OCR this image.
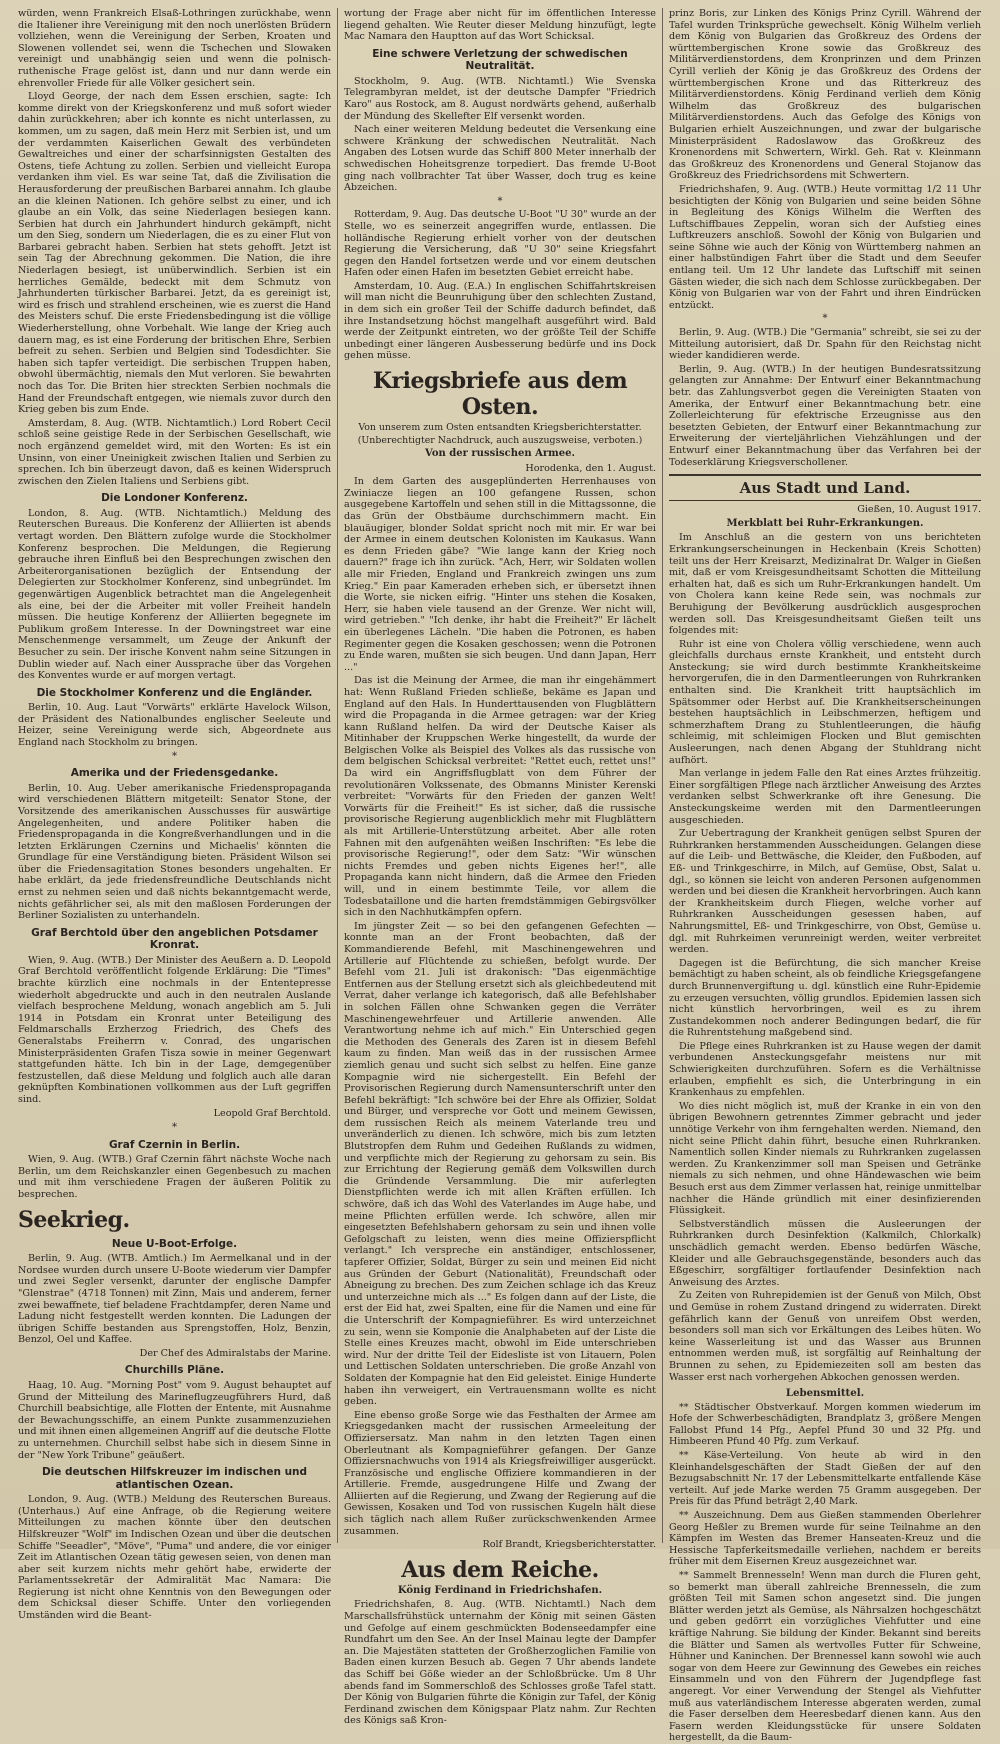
würden, wenn Frankreich Elsaß-Lothringen zurückhabe, wenn die Italiener ihre Vereinigung mit den noch unerlösten Brüdern vollziehen, wenn die Vereinigung der Serben, Kroaten und Slowenen vollendet sei, wenn die Tschechen und Slowaken vereinigt und unabhängig seien und wenn die polnisch-ruthenische Frage gelöst ist, dann und nur dann werde ein ehrenvoller Friede für alle Völker gesichert sein.

Lloyd George, der nach dem Essen erschien, sagte: Ich komme direkt von der Kriegskonferenz und muß sofort wieder dahin zurückkehren; aber ich konnte es nicht unterlassen, zu kommen, um zu sagen, daß mein Herz mit Serbien ist, und um der verdammten Kaiserlichen Gewalt des verbündeten Gewaltreiches und einer der scharfsinnigsten Gestalten des Ostens, tiefe Achtung zu zollen. Serbien und vielleicht Europa verdanken ihm viel. Es war seine Tat, daß die Zivilisation die Herausforderung der preußischen Barbarei annahm. Ich glaube an die kleinen Nationen. Ich gehöre selbst zu einer, und ich glaube an ein Volk, das seine Niederlagen besiegen kann. Serbien hat durch ein Jahrhundert hindurch gekämpft, nicht um den Sieg, sondern um Niederlagen, die es zu einer Flut von Barbarei gebracht haben. Serbien hat stets gehofft. Jetzt ist sein Tag der Abrechnung gekommen. Die Nation, die ihre Niederlagen besiegt, ist unüberwindlich. Serbien ist ein herrliches Gemälde, bedeckt mit dem Schmutz von Jahrhunderten türkischer Barbarei. Jetzt, da es gereinigt ist, wird es frisch und strahlend erscheinen, wie es zuerst die Hand des Meisters schuf. Die erste Friedensbedingung ist die völlige Wiederherstellung, ohne Vorbehalt. Wie lange der Krieg auch dauern mag, es ist eine Forderung der britischen Ehre, Serbien befreit zu sehen. Serbien und Belgien sind Todesdichter. Sie haben sich tapfer verteidigt. Die serbischen Truppen haben, obwohl übermächtig, niemals den Mut verloren. Sie bewahrten noch das Tor. Die Briten hier streckten Serbien nochmals die Hand der Freundschaft entgegen, wie niemals zuvor durch den Krieg geben bis zum Ende.

Amsterdam, 8. Aug. (WTB. Nichtamtlich.) Lord Robert Cecil schloß seine geistige Rede in der Serbischen Gesellschaft, wie noch ergänzend gemeldet wird, mit den Worten: Es ist ein Unsinn, von einer Uneinigkeit zwischen Italien und Serbien zu sprechen. Ich bin überzeugt davon, daß es keinen Widerspruch zwischen den Zielen Italiens und Serbiens gibt.

Die Londoner Konferenz.

London, 8. Aug. (WTB. Nichtamtlich.) Meldung des Reuterschen Bureaus. Die Konferenz der Alliierten ist abends vertagt worden. Den Blättern zufolge wurde die Stockholmer Konferenz besprochen. Die Meldungen, die Regierung gebrauche ihren Einfluß bei den Besprechungen zwischen den Arbeiterorganisationen bezüglich der Entsendung der Delegierten zur Stockholmer Konferenz, sind unbegründet. Im gegenwärtigen Augenblick betrachtet man die Angelegenheit als eine, bei der die Arbeiter mit voller Freiheit handeln müssen. Die heutige Konferenz der Alliierten begegnete im Publikum großem Interesse. In der Downingstreet war eine Menschenmenge versammelt, um Zeuge der Ankunft der Besucher zu sein. Der irische Konvent nahm seine Sitzungen in Dublin wieder auf. Nach einer Aussprache über das Vorgehen des Konventes wurde er auf morgen vertagt.

Die Stockholmer Konferenz und die Engländer.

Berlin, 10. Aug. Laut "Vorwärts" erklärte Havelock Wilson, der Präsident des Nationalbundes englischer Seeleute und Heizer, seine Vereinigung werde sich, Abgeordnete aus England nach Stockholm zu bringen.

*
Amerika und der Friedensgedanke.

Berlin, 10. Aug. Ueber amerikanische Friedenspropaganda wird verschiedenen Blättern mitgeteilt: Senator Stone, der Vorsitzende des amerikanischen Ausschusses für auswärtige Angelegenheiten, und andere Politiker haben die Friedenspropaganda in die Kongreßverhandlungen und in die letzten Erklärungen Czernins und Michaelis' könnten die Grundlage für eine Verständigung bieten. Präsident Wilson sei über die Friedensagitation Stones besonders ungehalten. Er habe erklärt, da jede friedensfreundliche Deutschlands nicht ernst zu nehmen seien und daß nichts bekanntgemacht werde, nichts gefährlicher sei, als mit den maßlosen Forderungen der Berliner Sozialisten zu unterhandeln.

Graf Berchtold über den angeblichen Potsdamer Kronrat.

Wien, 9. Aug. (WTB.) Der Minister des Aeußern a. D. Leopold Graf Berchtold veröffentlicht folgende Erklärung: Die "Times" brachte kürzlich eine nochmals in der Ententepresse wiederholt abgedruckte und auch in den neutralen Auslande vielfach besprochene Meldung, wonach angeblich am 5. Juli 1914 in Potsdam ein Kronrat unter Beteiligung des Feldmarschalls Erzherzog Friedrich, des Chefs des Generalstabs Freiherrn v. Conrad, des ungarischen Ministerpräsidenten Grafen Tisza sowie in meiner Gegenwart stattgefunden hätte. Ich bin in der Lage, demgegenüber festzustellen, daß diese Meldung und folglich auch alle daran geknüpften Kombinationen vollkommen aus der Luft gegriffen sind.

Leopold Graf Berchtold.
*
Graf Czernin in Berlin.

Wien, 9. Aug. (WTB.) Graf Czernin fährt nächste Woche nach Berlin, um dem Reichskanzler einen Gegenbesuch zu machen und mit ihm verschiedene Fragen der äußeren Politik zu besprechen.

Seekrieg.
Neue U-Boot-Erfolge.

Berlin, 9. Aug. (WTB. Amtlich.) Im Aermelkanal und in der Nordsee wurden durch unsere U-Boote wiederum vier Dampfer und zwei Segler versenkt, darunter der englische Dampfer "Glenstrae" (4718 Tonnen) mit Zinn, Mais und anderem, ferner zwei bewaffnete, tief beladene Frachtdampfer, deren Name und Ladung nicht festgestellt werden konnten. Die Ladungen der übrigen Schiffe bestanden aus Sprengstoffen, Holz, Benzin, Benzol, Oel und Kaffee.

Der Chef des Admiralstabs der Marine.
Churchills Pläne.

Haag, 10. Aug. "Morning Post" vom 9. August behauptet auf Grund der Mitteilung des Marineflugzeugführers Hurd, daß Churchill beabsichtige, alle Flotten der Entente, mit Ausnahme der Bewachungsschiffe, an einem Punkte zusammenzuziehen und mit ihnen einen allgemeinen Angriff auf die deutsche Flotte zu unternehmen. Churchill selbst habe sich in diesem Sinne in der "New York Tribune" geäußert.

Die deutschen Hilfskreuzer im indischen und atlantischen Ozean.

London, 9. Aug. (WTB.) Meldung des Reuterschen Bureaus. (Unterhaus.) Auf eine Anfrage, ob die Regierung weitere Mitteilungen zu machen könnte über den deutschen Hilfskreuzer "Wolf" im Indischen Ozean und über die deutschen Schiffe "Seeadler", "Möve", "Puma" und andere, die vor einiger Zeit im Atlantischen Ozean tätig gewesen seien, von denen man aber seit kurzem nichts mehr gehört habe, erwiderte der Parlamentssekretär der Admiralität Mac Namara: Die Regierung ist nicht ohne Kenntnis von den Bewegungen oder dem Schicksal dieser Schiffe. Unter den vorliegenden Umständen wird die Beant-

wortung der Frage aber nicht für im öffentlichen Interesse liegend gehalten. Wie Reuter dieser Meldung hinzufügt, legte Mac Namara den Hauptton auf das Wort Schicksal.

Eine schwere Verletzung der schwedischen Neutralität.

Stockholm, 9. Aug. (WTB. Nichtamtl.) Wie Svenska Telegrambyran meldet, ist der deutsche Dampfer "Friedrich Karo" aus Rostock, am 8. August nordwärts gehend, außerhalb der Mündung des Skellefter Elf versenkt worden.

Nach einer weiteren Meldung bedeutet die Versenkung eine schwere Kränkung der schwedischen Neutralität. Nach Angaben des Lotsen wurde das Schiff 800 Meter innerhalb der schwedischen Hoheitsgrenze torpediert. Das fremde U-Boot ging nach vollbrachter Tat über Wasser, doch trug es keine Abzeichen.

*

Rotterdam, 9. Aug. Das deutsche U-Boot "U 30" wurde an der Stelle, wo es seinerzeit angegriffen wurde, entlassen. Die holländische Regierung erhielt vorher von der deutschen Regierung die Versicherung, daß "U 30" seine Kriegsfahrt gegen den Handel fortsetzen werde und vor einem deutschen Hafen oder einen Hafen im besetzten Gebiet erreicht habe.

Amsterdam, 10. Aug. (E.A.) In englischen Schiffahrtskreisen will man nicht die Beunruhigung über den schlechten Zustand, in dem sich ein großer Teil der Schiffe dadurch befindet, daß ihre Instandsetzung höchst mangelhaft ausgeführt wird. Bald werde der Zeitpunkt eintreten, wo der größte Teil der Schiffe unbedingt einer längeren Ausbesserung bedürfe und ins Dock gehen müsse.

Kriegsbriefe aus dem Osten.
Von unserem zum Osten entsandten Kriegsberichterstatter.
(Unberechtigter Nachdruck, auch auszugsweise, verboten.)
Von der russischen Armee.
Horodenka, den 1. August.

In dem Garten des ausgeplünderten Herrenhauses von Zwiniacze liegen an 100 gefangene Russen, schon ausgegebene Kartoffeln und sehen still in die Mittagssonne, die das Grün der Obstbäume durchschimmern macht. Ein blauäugiger, blonder Soldat spricht noch mit mir. Er war bei der Armee in einem deutschen Kolonisten im Kaukasus. Wann es denn Frieden gäbe? "Wie lange kann der Krieg noch dauern?" frage ich ihn zurück. "Ach, Herr, wir Soldaten wollen alle mir Frieden, England und Frankreich zwingen uns zum Krieg." Ein paar Kameraden erheben sich, er übersetzt ihnen die Worte, sie nicken eifrig. "Hinter uns stehen die Kosaken, Herr, sie haben viele tausend an der Grenze. Wer nicht will, wird getrieben." "Ich denke, ihr habt die Freiheit?" Er lächelt ein überlegenes Lächeln. "Die haben die Potronen, es haben Regimenter gegen die Kosaken geschossen; wenn die Potronen zu Ende waren, mußten sie sich beugen. Und dann Japan, Herr ..."

Das ist die Meinung der Armee, die man ihr eingehämmert hat: Wenn Rußland Frieden schließe, bekäme es Japan und England auf den Hals. In Hunderttausenden von Flugblättern wird die Propaganda in die Armee getragen: war der Krieg kann Rußland helfen. Da wird der Deutsche Kaiser als Mitinhaber der Kruppschen Werke hingestellt, da wurde der Belgischen Volke als Beispiel des Volkes als das russische von dem belgischen Schicksal verbreitet: "Rettet euch, rettet uns!" Da wird ein Angriffsflugblatt von dem Führer der revolutionären Volkssenate, des Obmanns Minister Kerenski verbreitet: "Vorwärts für den Frieden der ganzen Welt! Vorwärts für die Freiheit!" Es ist sicher, daß die russische provisorische Regierung augenblicklich mehr mit Flugblättern als mit Artillerie-Unterstützung arbeitet. Aber alle roten Fahnen mit den aufgenähten weißen Inschriften: "Es lebe die provisorische Regierung!", oder dem Satz: "Wir wünschen nichts Fremdes und geben nichts Eigenes her!", alle Propaganda kann nicht hindern, daß die Armee den Frieden will, und in einem bestimmte Teile, vor allem die Todesbataillone und die harten fremdstämmigen Gebirgsvölker sich in den Nachhutkämpfen opfern.

Im jüngster Zeit — so bei den gefangenen Gefechten — konnte man an der Front beobachten, daß der Kommandierende Befehl, mit Maschinengewehren und Artillerie auf Flüchtende zu schießen, befolgt wurde. Der Befehl vom 21. Juli ist drakonisch: "Das eigenmächtige Entfernen aus der Stellung ersetzt sich als gleichbedeutend mit Verrat, daher verlange ich kategorisch, daß alle Befehlshaber in solchen Fällen ohne Schwanken gegen die Verräter Maschinengewehrfeuer und Artillerie anwenden. Alle Verantwortung nehme ich auf mich." Ein Unterschied gegen die Methoden des Generals des Zaren ist in diesem Befehl kaum zu finden. Man weiß das in der russischen Armee ziemlich genau und sucht sich selbst zu helfen. Eine ganze Kompagnie wird nie sichergestellt. Ein Befehl der Provisorischen Regierung durch Namensunterschrift unter den Befehl bekräftigt: "Ich schwöre bei der Ehre als Offizier, Soldat und Bürger, und verspreche vor Gott und meinem Gewissen, dem russischen Reich als meinem Vaterlande treu und unveränderlich zu dienen. Ich schwöre, mich bis zum letzten Blutstropfen dem Ruhm und Gedeihen Rußlands zu widmen, und verpflichte mich der Regierung zu gehorsam zu sein. Bis zur Errichtung der Regierung gemäß dem Volkswillen durch die Gründende Versammlung. Die mir auferlegten Dienstpflichten werde ich mit allen Kräften erfüllen. Ich schwöre, daß ich das Wohl des Vaterlandes im Auge habe, und meine Pflichten erfüllen werde. Ich schwöre, allen mir eingesetzten Befehlshabern gehorsam zu sein und ihnen volle Gefolgschaft zu leisten, wenn dies meine Offizierspflicht verlangt." Ich verspreche ein anständiger, entschlossener, tapferer Offizier, Soldat, Bürger zu sein und meinen Eid nicht aus Gründen der Geburt (Nationalität), Freundschaft oder Abneigung zu brechen. Des zum Zeichen schlage ich das Kreuz und unterzeichne mich als ..." Es folgen dann auf der Liste, die erst der Eid hat, zwei Spalten, eine für die Namen und eine für die Unterschrift der Kompagnieführer. Es wird unterzeichnet zu sein, wenn sie Komponie die Analphabeten auf der Liste die Stelle eines Kreuzes macht, obwohl im Eide unterschrieben wird. Nur der dritte Teil der Eidesliste ist von Litauern, Polen und Lettischen Soldaten unterschrieben. Die große Anzahl von Soldaten der Kompagnie hat den Eid geleistet. Einige Hunderte haben ihn verweigert, ein Vertrauensmann wollte es nicht geben.

Eine ebenso große Sorge wie das Festhalten der Armee am Kriegsgedanken macht der russischen Armeeleitung der Offiziersersatz. Man nahm in den letzten Tagen einen Oberleutnant als Kompagnieführer gefangen. Der Ganze Offiziersnachwuchs von 1914 als Kriegsfreiwilliger ausgerückt. Französische und englische Offiziere kommandieren in der Artillerie. Fremde, ausgedrungene Hilfe und Zwang der Alliierten auf die Regierung, und Zwang der Regierung auf die Gewissen, Kosaken und Tod von russischen Kugeln hält diese sich täglich nach allem Rußer zurückschwenkenden Armee zusammen.

Rolf Brandt, Kriegsberichterstatter.
Aus dem Reiche.
König Ferdinand in Friedrichshafen.

Friedrichshafen, 8. Aug. (WTB. Nichtamtl.) Nach dem Marschallsfrühstück unternahm der König mit seinen Gästen und Gefolge auf einem geschmückten Bodenseedampfer eine Rundfahrt um den See. An der Insel Mainau legte der Dampfer an. Die Majestäten statteten der Großherzoglichen Familie von Baden einen kurzen Besuch ab. Gegen 7 Uhr abends landete das Schiff bei Göße wieder an der Schloßbrücke. Um 8 Uhr abends fand im Sommerschloß des Schlosses große Tafel statt. Der König von Bulgarien führte die Königin zur Tafel, der König Ferdinand zwischen dem Königspaar Platz nahm. Zur Rechten des Königs saß Kron-

prinz Boris, zur Linken des Königs Prinz Cyrill. Während der Tafel wurden Trinksprüche gewechselt. König Wilhelm verlieh dem König von Bulgarien das Großkreuz des Ordens der württembergischen Krone sowie das Großkreuz des Militärverdienstordens, dem Kronprinzen und dem Prinzen Cyrill verlieh der König je das Großkreuz des Ordens der württembergischen Krone und das Ritterkreuz des Militärverdienstordens. König Ferdinand verlieh dem König Wilhelm das Großkreuz des bulgarischen Militärverdienstordens. Auch das Gefolge des Königs von Bulgarien erhielt Auszeichnungen, und zwar der bulgarische Ministerpräsident Radoslawow das Großkreuz des Kronenordens mit Schwertern, Wirkl. Geh. Rat v. Kleinmann das Großkreuz des Kronenordens und General Stojanow das Großkreuz des Friedrichsordens mit Schwertern.

Friedrichshafen, 9. Aug. (WTB.) Heute vormittag 1/2 11 Uhr besichtigten der König von Bulgarien und seine beiden Söhne in Begleitung des Königs Wilhelm die Werften des Luftschiffbaues Zeppelin, woran sich der Aufstieg eines Luftkreuzers anschloß. Sowohl der König von Bulgarien und seine Söhne wie auch der König von Württemberg nahmen an einer halbstündigen Fahrt über die Stadt und dem Seeufer entlang teil. Um 12 Uhr landete das Luftschiff mit seinen Gästen wieder, die sich nach dem Schlosse zurückbegaben. Der König von Bulgarien war von der Fahrt und ihren Eindrücken entzückt.

*

Berlin, 9. Aug. (WTB.) Die "Germania" schreibt, sie sei zu der Mitteilung autorisiert, daß Dr. Spahn für den Reichstag nicht wieder kandidieren werde.

Berlin, 9. Aug. (WTB.) In der heutigen Bundesratssitzung gelangten zur Annahme: Der Entwurf einer Bekanntmachung betr. das Zahlungsverbot gegen die Vereinigten Staaten von Amerika, der Entwurf einer Bekanntmachung betr. eine Zollerleichterung für efektrische Erzeugnisse aus den besetzten Gebieten, der Entwurf einer Bekanntmachung zur Erweiterung der vierteljährlichen Viehzählungen und der Entwurf einer Bekanntmachung über das Verfahren bei der Todeserklärung Kriegsverschollener.

Aus Stadt und Land.
Gießen, 10. August 1917.
Merkblatt bei Ruhr-Erkrankungen.

Im Anschluß an die gestern von uns berichteten Erkrankungserscheinungen in Heckenbain (Kreis Schotten) teilt uns der Herr Kreisarzt, Medizinalrat Dr. Walger in Gießen mit, daß er vom Kreisgesundheitsamt Schotten die Mitteilung erhalten hat, daß es sich um Ruhr-Erkrankungen handelt. Um von Cholera kann keine Rede sein, was nochmals zur Beruhigung der Bevölkerung ausdrücklich ausgesprochen werden soll. Das Kreisgesundheitsamt Gießen teilt uns folgendes mit:

Ruhr ist eine von Cholera völlig verschiedene, wenn auch gleichfalls durchaus ernste Krankheit, und entsteht durch Ansteckung; sie wird durch bestimmte Krankheitskeime hervorgerufen, die in den Darmentleerungen von Ruhrkranken enthalten sind. Die Krankheit tritt hauptsächlich im Spätsommer oder Herbst auf. Die Krankheitserscheinungen bestehen hauptsächlich in Leibschmerzen, heftigem und schmerzhaftem Drang zu Stuhlentleerungen, die häufig schleimig, mit schleimigen Flocken und Blut gemischten Ausleerungen, nach denen Abgang der Stuhldrang nicht aufhört.

Man verlange in jedem Falle den Rat eines Arztes frühzeitig. Einer sorgfältigen Pflege nach ärztlicher Anweisung des Arztes verdanken selbst Schwerkranke oft ihre Genesung. Die Ansteckungskeime werden mit den Darmentleerungen ausgeschieden.

Zur Uebertragung der Krankheit genügen selbst Spuren der Ruhrkranken herstammenden Ausscheidungen. Gelangen diese auf die Leib- und Bettwäsche, die Kleider, den Fußboden, auf Eß- und Trinkgeschirre, in Milch, auf Gemüse, Obst, Salat u. dgl., so können sie leicht von anderen Personen aufgenommen werden und bei diesen die Krankheit hervorbringen. Auch kann der Krankheitskeim durch Fliegen, welche vorher auf Ruhrkranken Ausscheidungen gesessen haben, auf Nahrungsmittel, Eß- und Trinkgeschirre, von Obst, Gemüse u. dgl. mit Ruhrkeimen verunreinigt werden, weiter verbreitet werden.

Dagegen ist die Befürchtung, die sich mancher Kreise bemächtigt zu haben scheint, als ob feindliche Kriegsgefangene durch Brunnenvergiftung u. dgl. künstlich eine Ruhr-Epidemie zu erzeugen versuchten, völlig grundlos. Epidemien lassen sich nicht künstlich hervorbringen, weil es zu ihrem Zustandekommen noch anderer Bedingungen bedarf, die für die Ruhrentstehung maßgebend sind.

Die Pflege eines Ruhrkranken ist zu Hause wegen der damit verbundenen Ansteckungsgefahr meistens nur mit Schwierigkeiten durchzuführen. Sofern es die Verhältnisse erlauben, empfiehlt es sich, die Unterbringung in ein Krankenhaus zu empfehlen.

Wo dies nicht möglich ist, muß der Kranke in ein von den übrigen Bewohnern getrenntes Zimmer gebracht und jeder unnötige Verkehr von ihm ferngehalten werden. Niemand, den nicht seine Pflicht dahin führt, besuche einen Ruhrkranken. Namentlich sollen Kinder niemals zu Ruhrkranken zugelassen werden. Zu Krankenzimmer soll man Speisen und Getränke niemals zu sich nehmen, und ohne Händewaschen wie beim Besuch erst aus dem Zimmer verlassen hat, reinige unmittelbar nachher die Hände gründlich mit einer desinfizierenden Flüssigkeit.

Selbstverständlich müssen die Ausleerungen der Ruhrkranken durch Desinfektion (Kalkmilch, Chlorkalk) unschädlich gemacht werden. Ebenso bedürfen Wäsche, Kleider und alle Gebrauchsgegenstände, besonders auch das Eßgeschirr, sorgfältiger fortlaufender Desinfektion nach Anweisung des Arztes.

Zu Zeiten von Ruhrepidemien ist der Genuß von Milch, Obst und Gemüse in rohem Zustand dringend zu widerraten. Direkt gefährlich kann der Genuß von unreifem Obst werden, besonders soll man sich vor Erkältungen des Leibes hüten. Wo keine Wasserleitung ist und das Wasser aus Brunnen entnommen werden muß, ist sorgfältig auf Reinhaltung der Brunnen zu sehen, zu Epidemiezeiten soll am besten das Wasser erst nach vorhergehen Abkochen genossen werden.

Lebensmittel.

** Städtischer Obstverkauf. Morgen kommen wiederum im Hofe der Schwerbeschädigten, Brandplatz 3, größere Mengen Fallobst Pfund 14 Pfg., Aepfel Pfund 30 und 32 Pfg. und Himbeeren Pfund 40 Pfg. zum Verkauf.

** Käse-Verteilung. Von heute ab wird in den Kleinhandelsgeschäften der Stadt Gießen der auf den Bezugsabschnitt Nr. 17 der Lebensmittelkarte entfallende Käse verteilt. Auf jede Marke werden 75 Gramm ausgegeben. Der Preis für das Pfund beträgt 2,40 Mark.

** Auszeichnung. Dem aus Gießen stammenden Oberlehrer Georg Heßler zu Bremen wurde für seine Teilnahme an den Kämpfen im Westen das Bremer Hanseaten-Kreuz und die Hessische Tapferkeitsmedaille verliehen, nachdem er bereits früher mit dem Eisernen Kreuz ausgezeichnet war.

** Sammelt Brennesseln! Wenn man durch die Fluren geht, so bemerkt man überall zahlreiche Brennesseln, die zum größten Teil mit Samen schon angesetzt sind. Die jungen Blätter werden jetzt als Gemüse, als Nährsalzen hochgeschätzt und geben gedörrt ein vorzügliches Viehfutter und eine kräftige Nahrung. Sie bildung der Kinder. Bekannt sind bereits die Blätter und Samen als wertvolles Futter für Schweine, Hühner und Kaninchen. Der Brennessel kann sowohl wie auch sogar von dem Heere zur Gewinnung des Gewebes ein reiches Einsammeln und von den Führern der Jugendpflege fast angeregt. Vor einer Verwendung der Stengel als Viehfutter muß aus vaterländischem Interesse abgeraten werden, zumal die Faser derselben dem Heeresbedarf dienen kann. Aus den Fasern werden Kleidungsstücke für unsere Soldaten hergestellt, da die Baum-
